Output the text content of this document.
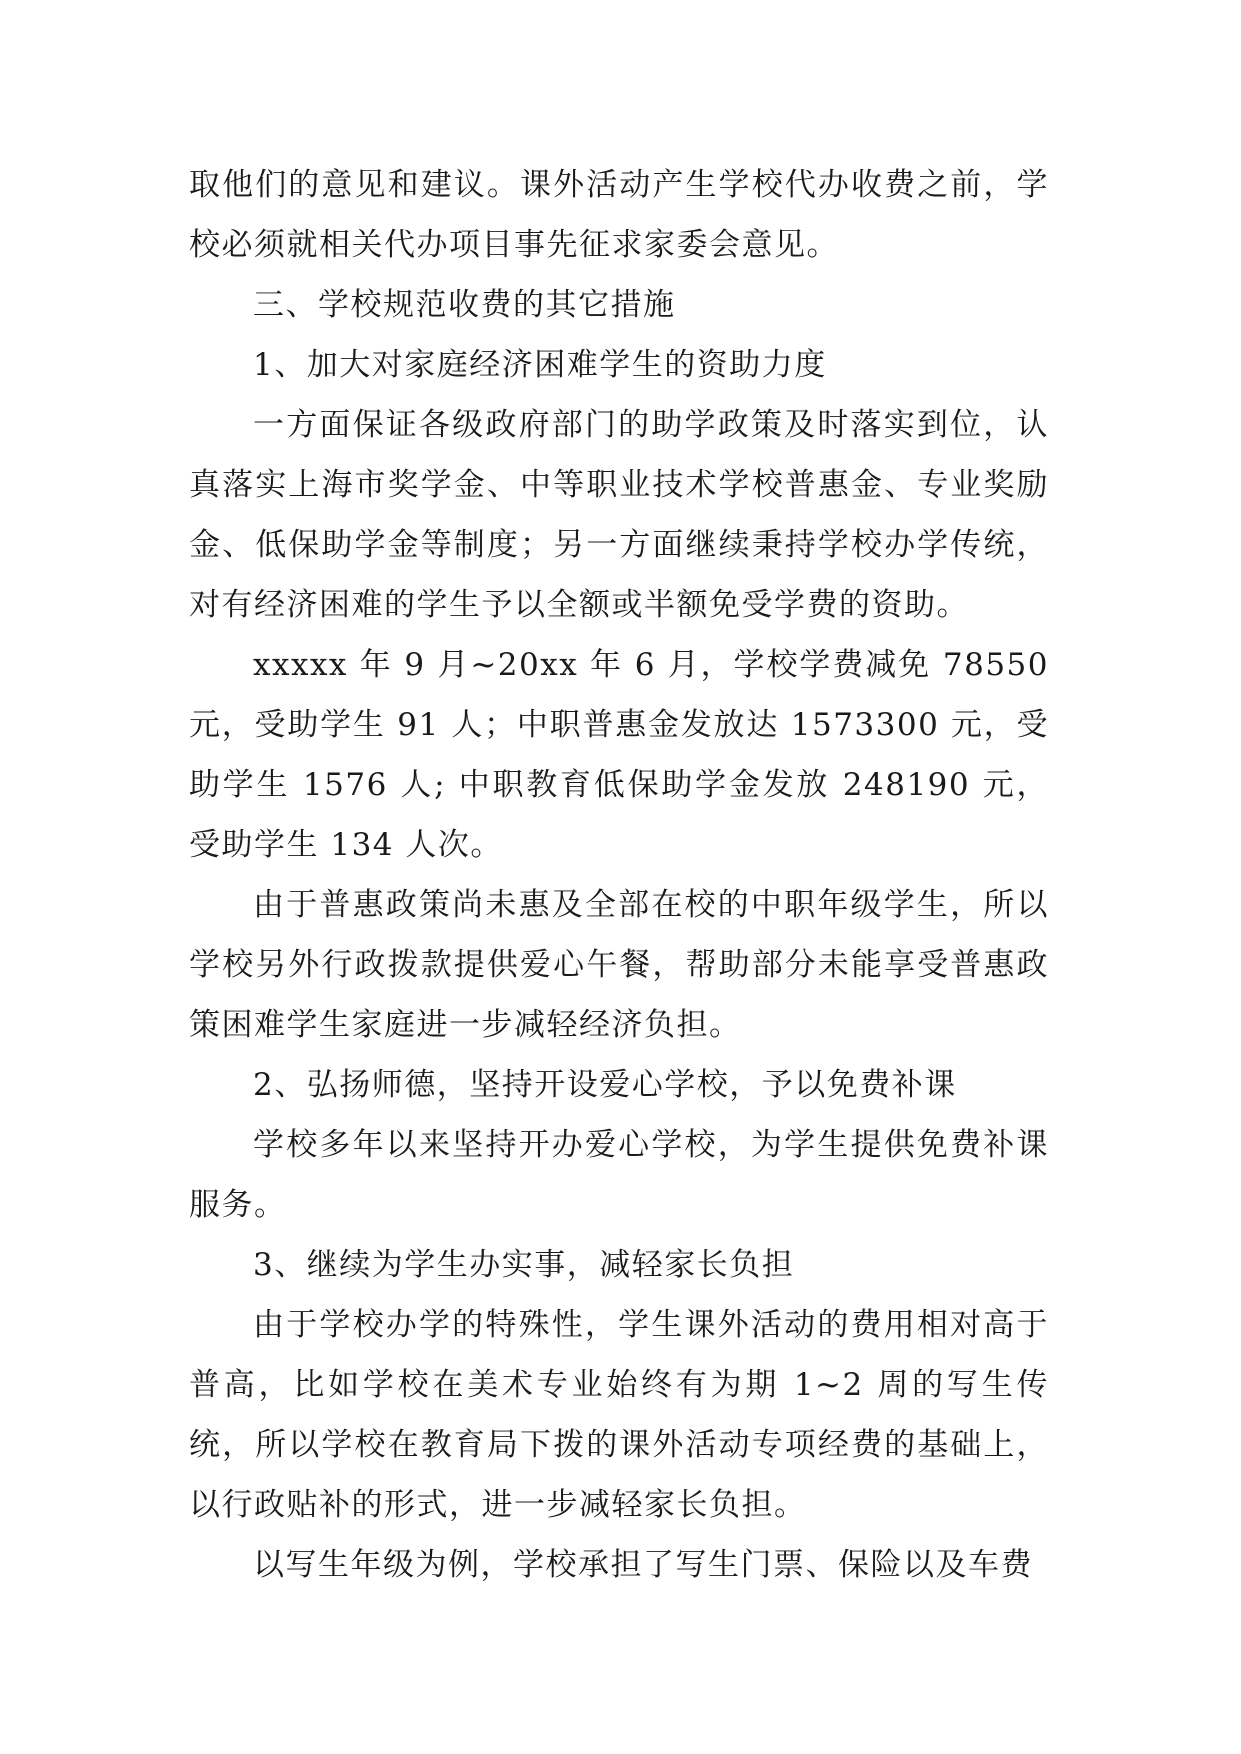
取他们的意见和建议。课外活动产生学校代办收费之前，学校必须就相关代办项目事先征求家委会意见。

三、学校规范收费的其它措施

1、加大对家庭经济困难学生的资助力度

一方面保证各级政府部门的助学政策及时落实到位，认真落实上海市奖学金、中等职业技术学校普惠金、专业奖励金、低保助学金等制度；另一方面继续秉持学校办学传统，对有经济困难的学生予以全额或半额免受学费的资助。

xxxxx 年 9 月~20xx 年 6 月，学校学费减免 78550 元，受助学生 91 人；中职普惠金发放达 1573300 元，受助学生 1576 人; 中职教育低保助学金发放 248190 元，受助学生 134 人次。

由于普惠政策尚未惠及全部在校的中职年级学生，所以学校另外行政拨款提供爱心午餐，帮助部分未能享受普惠政策困难学生家庭进一步减轻经济负担。

2、弘扬师德，坚持开设爱心学校，予以免费补课

学校多年以来坚持开办爱心学校，为学生提供免费补课服务。

3、继续为学生办实事，减轻家长负担

由于学校办学的特殊性，学生课外活动的费用相对高于普高，比如学校在美术专业始终有为期 1~2 周的写生传统，所以学校在教育局下拨的课外活动专项经费的基础上，以行政贴补的形式，进一步减轻家长负担。

以写生年级为例，学校承担了写生门票、保险以及车费
